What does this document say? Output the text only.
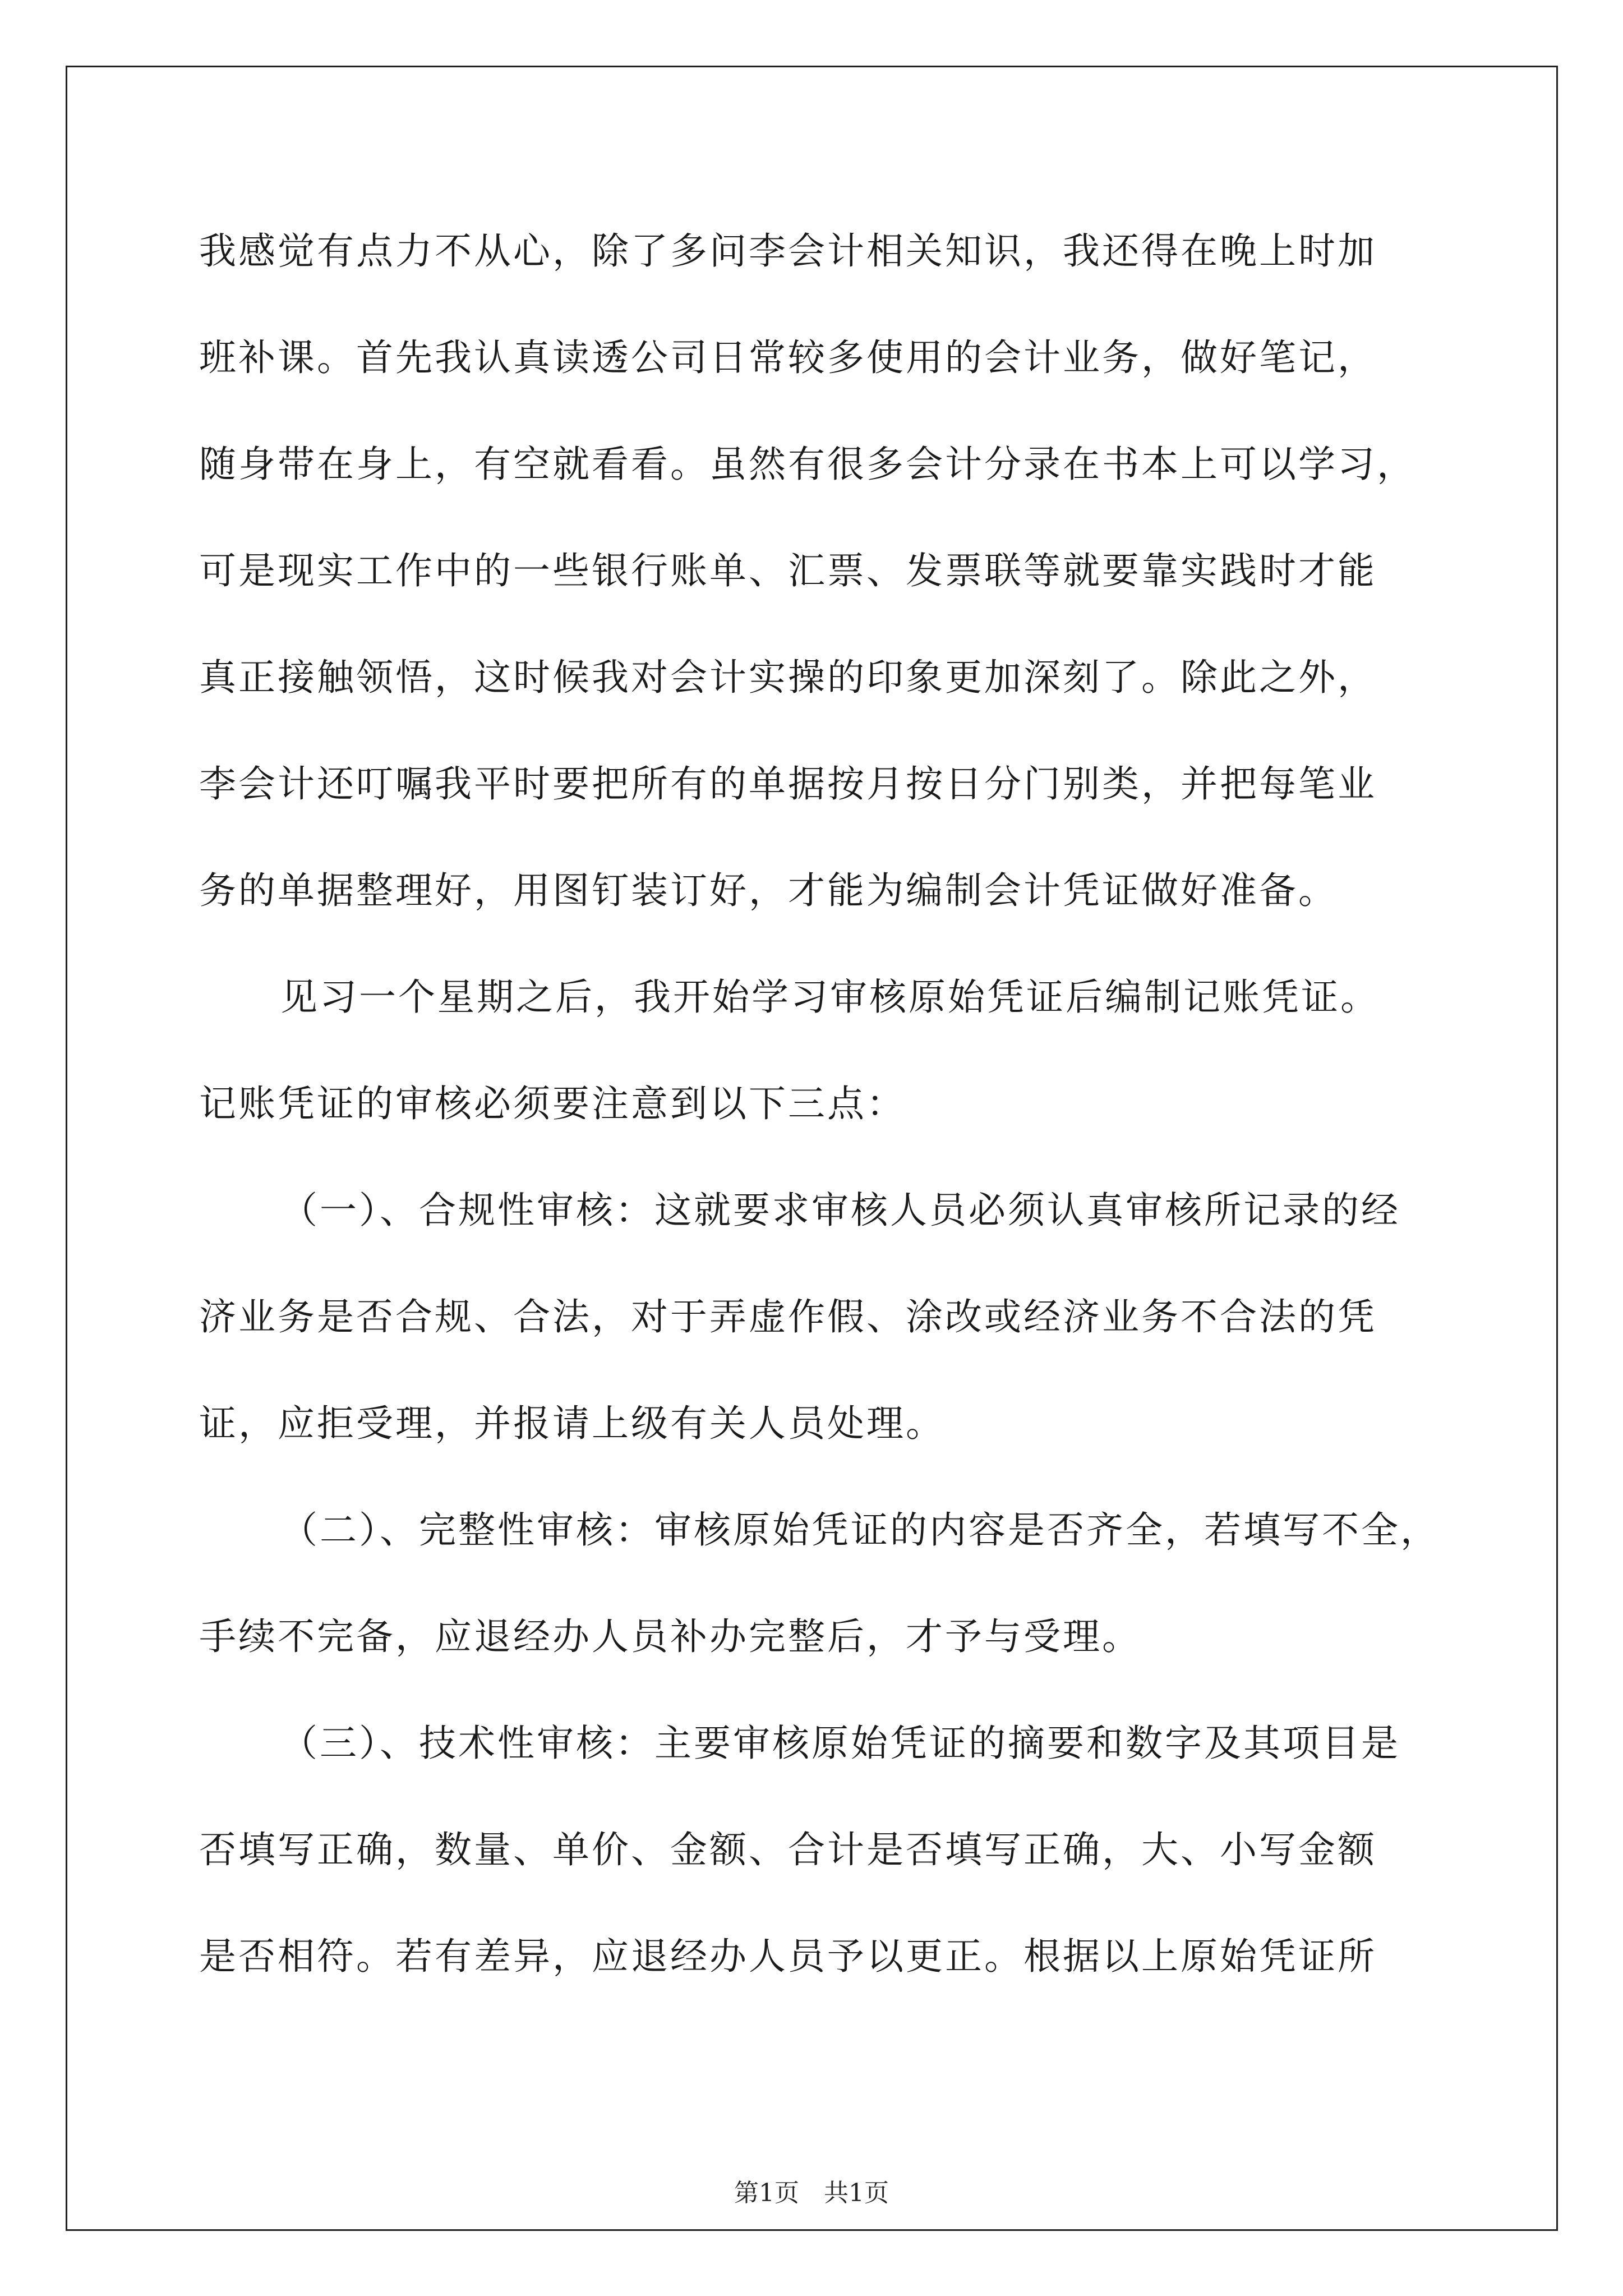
我感觉有点力不从心，除了多问李会计相关知识，我还得在晚上时加
班补课。首先我认真读透公司日常较多使用的会计业务，做好笔记，
随身带在身上，有空就看看。虽然有很多会计分录在书本上可以学习，
可是现实工作中的一些银行账单、汇票、发票联等就要靠实践时才能
真正接触领悟，这时候我对会计实操的印象更加深刻了。除此之外，
李会计还叮嘱我平时要把所有的单据按月按日分门别类，并把每笔业
务的单据整理好，用图钉装订好，才能为编制会计凭证做好准备。
见习一个星期之后，我开始学习审核原始凭证后编制记账凭证。
记账凭证的审核必须要注意到以下三点：
（一）、合规性审核：这就要求审核人员必须认真审核所记录的经
济业务是否合规、合法，对于弄虚作假、涂改或经济业务不合法的凭
证，应拒受理，并报请上级有关人员处理。
（二）、完整性审核：审核原始凭证的内容是否齐全，若填写不全，
手续不完备，应退经办人员补办完整后，才予与受理。
（三）、技术性审核：主要审核原始凭证的摘要和数字及其项目是
否填写正确，数量、单价、金额、合计是否填写正确，大、小写金额
是否相符。若有差异，应退经办人员予以更正。根据以上原始凭证所
第1页　共1页
